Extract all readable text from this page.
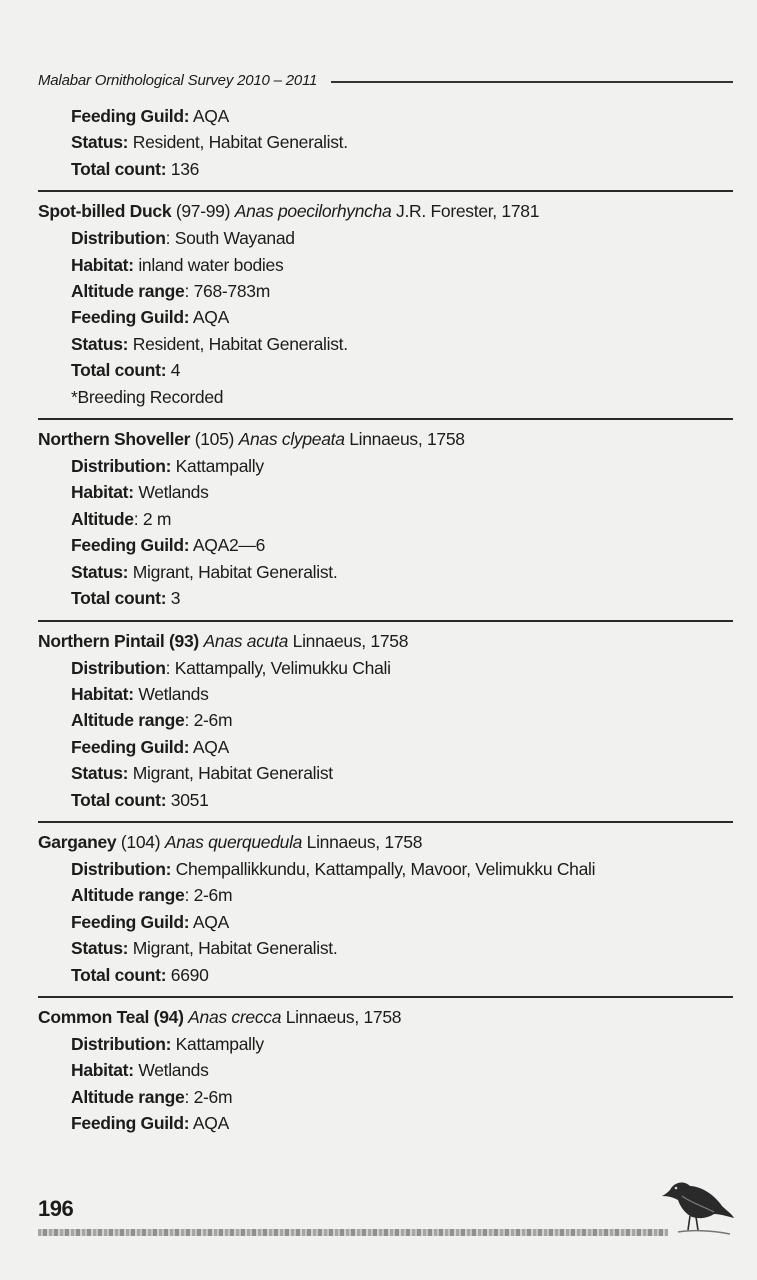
Malabar Ornithological Survey 2010 – 2011
Feeding Guild: AQA
Status: Resident, Habitat Generalist.
Total count: 136
Spot-billed Duck (97-99) Anas poecilorhyncha J.R. Forester, 1781
Distribution: South Wayanad
Habitat: inland water bodies
Altitude range: 768-783m
Feeding Guild: AQA
Status: Resident, Habitat Generalist.
Total count: 4
*Breeding Recorded
Northern Shoveller (105) Anas clypeata Linnaeus, 1758
Distribution: Kattampally
Habitat: Wetlands
Altitude: 2 m
Feeding Guild: AQA2—6
Status: Migrant, Habitat Generalist.
Total count: 3
Northern Pintail (93) Anas acuta Linnaeus, 1758
Distribution: Kattampally, Velimukku Chali
Habitat: Wetlands
Altitude range: 2-6m
Feeding Guild: AQA
Status: Migrant, Habitat Generalist
Total count: 3051
Garganey (104) Anas querquedula Linnaeus, 1758
Distribution: Chempallikkundu, Kattampally, Mavoor, Velimukku Chali
Altitude range: 2-6m
Feeding Guild: AQA
Status: Migrant, Habitat Generalist.
Total count: 6690
Common Teal (94) Anas crecca Linnaeus, 1758
Distribution: Kattampally
Habitat: Wetlands
Altitude range: 2-6m
Feeding Guild: AQA
196
